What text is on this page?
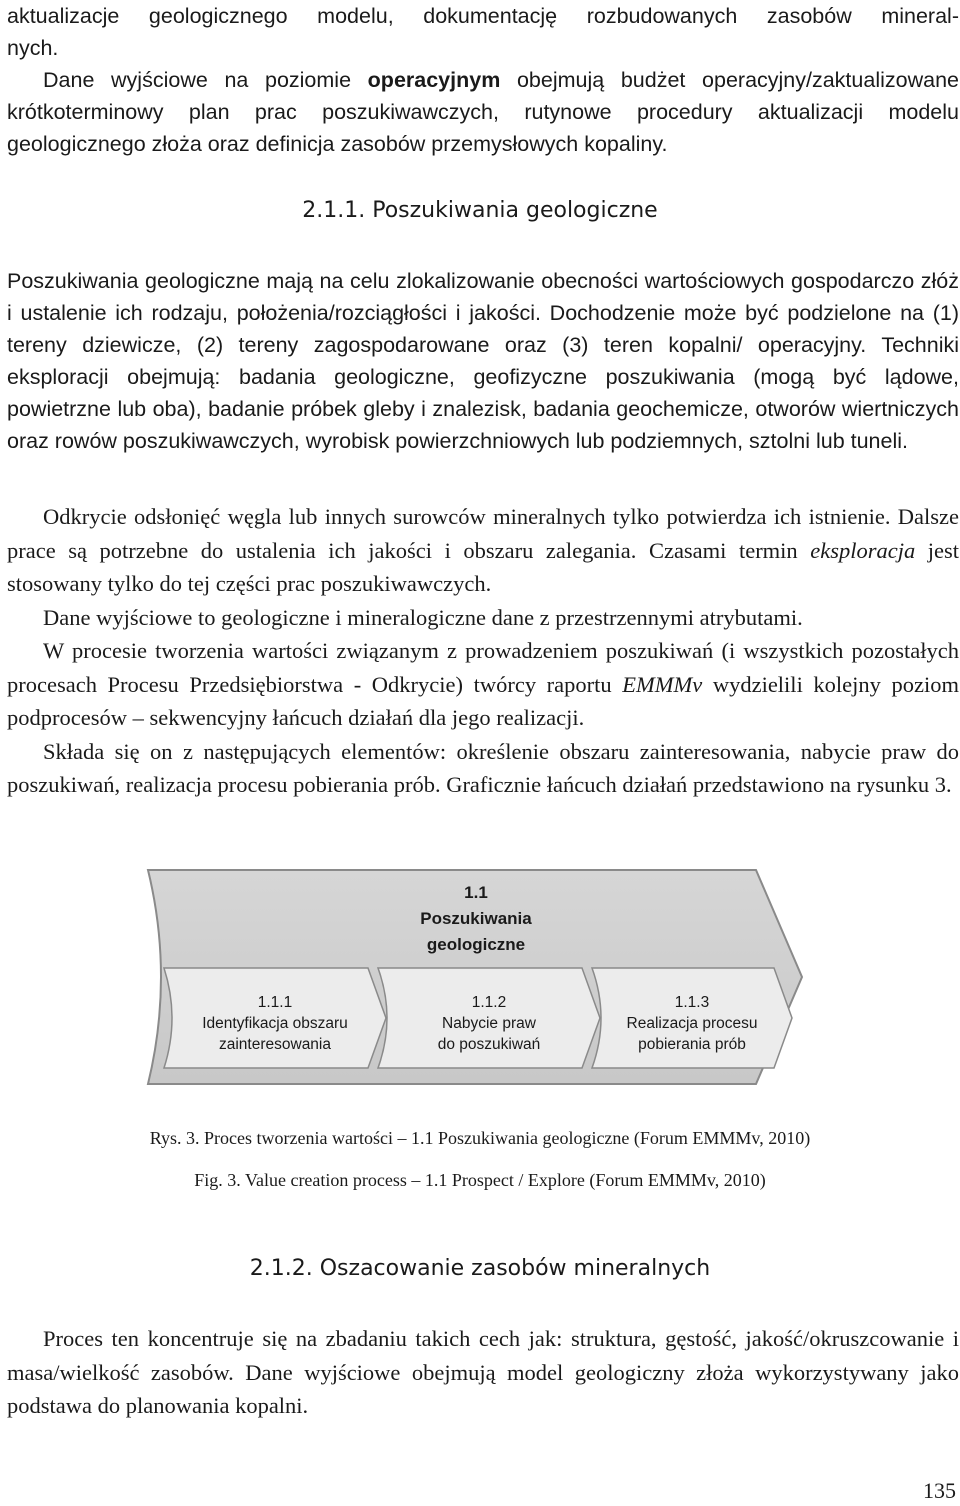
aktualizacje geologicznego modelu, dokumentację rozbudowanych zasobów mineral-

nych.

Dane wyjściowe na poziomie operacyjnym obejmują budżet operacyjny/zaktualizowane krótkoterminowy plan prac poszukiwawczych, rutynowe procedury aktualizacji modelu geologicznego złoża oraz definicja zasobów przemysłowych kopaliny.

2.1.1. Poszukiwania geologiczne
Poszukiwania geologiczne mają na celu zlokalizowanie obecności wartościowych gospodarczo złóż i ustalenie ich rodzaju, położenia/rozciągłości i jakości. Dochodzenie może być podzielone na (1) tereny dziewicze, (2) tereny zagospodarowane oraz (3) teren kopalni/ operacyjny. Techniki eksploracji obejmują: badania geologiczne, geofizyczne poszukiwania (mogą być lądowe, powietrzne lub oba), badanie próbek gleby i znalezisk, badania geochemicze, otworów wiertniczych oraz rowów poszukiwawczych, wyrobisk powierzchniowych lub podziemnych, sztolni lub tuneli.

Odkrycie odsłonięć węgla lub innych surowców mineralnych tylko potwierdza ich istnienie. Dalsze prace są potrzebne do ustalenia ich jakości i obszaru zalegania. Czasami termin eksploracja jest stosowany tylko do tej części prac poszukiwawczych.

Dane wyjściowe to geologiczne i mineralogiczne dane z przestrzennymi atrybutami.

W procesie tworzenia wartości związanym z prowadzeniem poszukiwań (i wszystkich pozostałych procesach Procesu Przedsiębiorstwa - Odkrycie) twórcy raportu EMMMv wydzielili kolejny poziom podprocesów – sekwencyjny łańcuch działań dla jego realizacji.

Składa się on z następujących elementów: określenie obszaru zainteresowania, nabycie praw do poszukiwań, realizacja procesu pobierania prób. Graficznie łańcuch działań przedstawiono na rysunku 3.

1.1
Poszukiwania
geologiczne
1.1.1
Identyfikacja obszaru
zainteresowania
1.1.2
Nabycie praw
do poszukiwań
1.1.3
Realizacja procesu
pobierania prób
Rys. 3. Proces tworzenia wartości – 1.1 Poszukiwania geologiczne (Forum EMMMv, 2010)
Fig. 3. Value creation process – 1.1 Prospect / Explore (Forum EMMMv, 2010)
2.1.2. Oszacowanie zasobów mineralnych

Proces ten koncentruje się na zbadaniu takich cech jak: struktura, gęstość, jakość/okruszcowanie i masa/wielkość zasobów. Dane wyjściowe obejmują model geologiczny złoża wykorzystywany jako podstawa do planowania kopalni.

135
